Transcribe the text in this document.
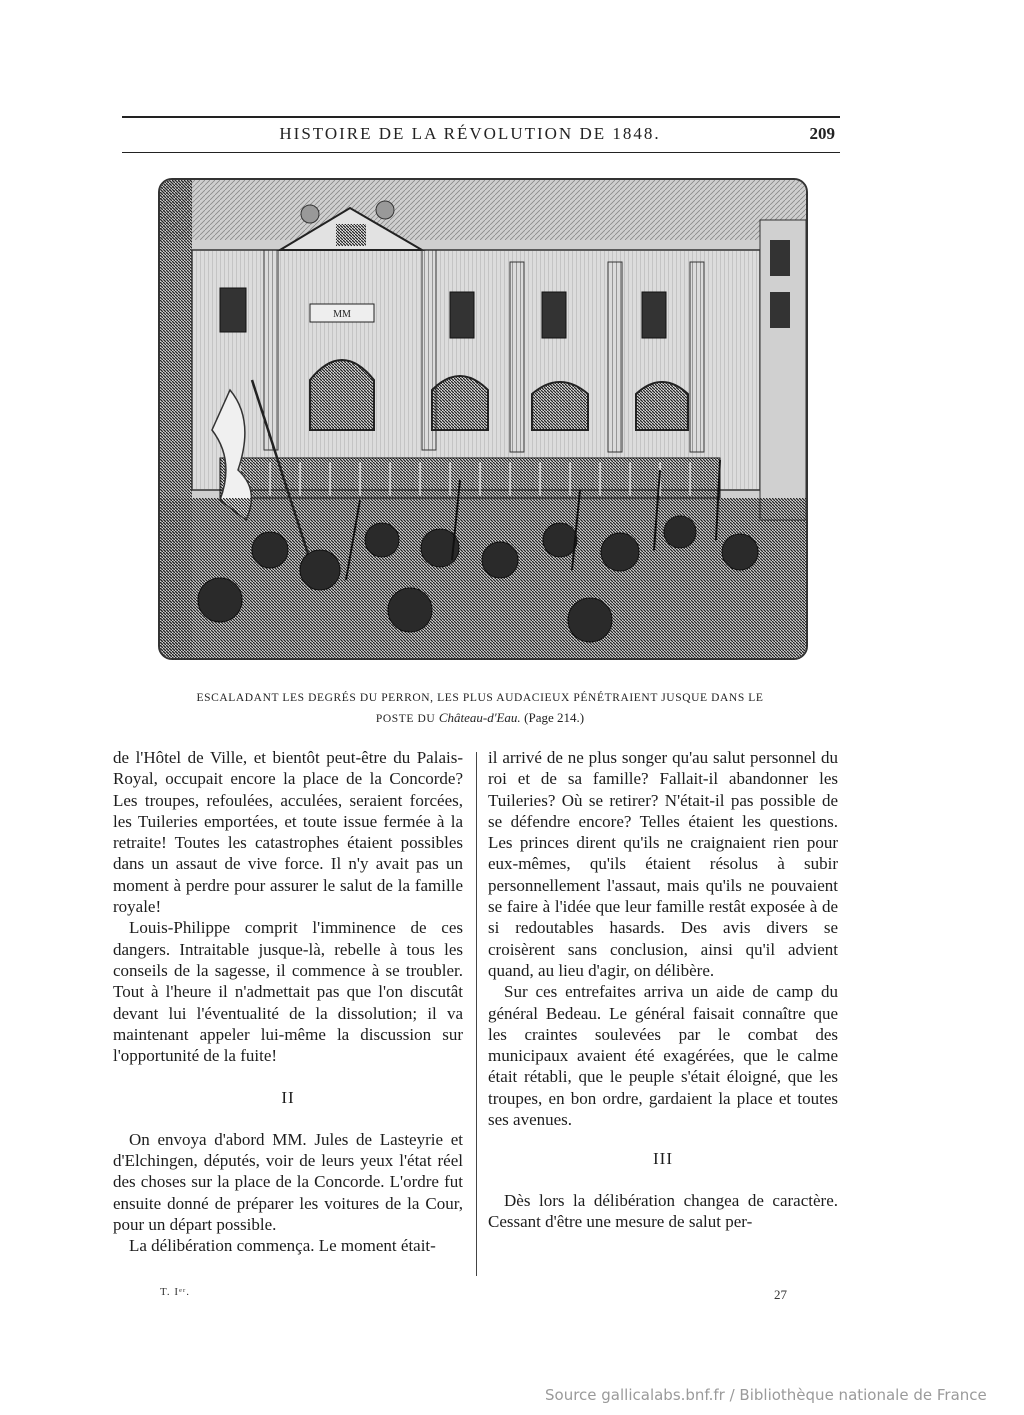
HISTOIRE DE LA RÉVOLUTION DE 1848.	209
MM
ESCALADANT LES DEGRÉS DU PERRON, LES PLUS AUDACIEUX PÉNÉTRAIENT JUSQUE DANS LE
POSTE DU Château-d'Eau. (Page 214.)

de l'Hôtel de Ville, et bientôt peut-être du Palais-Royal, occupait encore la place de la Concorde? Les troupes, refoulées, acculées, seraient forcées, les Tuileries emportées, et toute issue fermée à la retraite! Toutes les catastrophes étaient possibles dans un assaut de vive force. Il n'y avait pas un moment à perdre pour assurer le salut de la famille royale!

Louis-Philippe comprit l'imminence de ces dangers. Intraitable jusque-là, rebelle à tous les conseils de la sagesse, il commence à se troubler. Tout à l'heure il n'admettait pas que l'on discutât devant lui l'éventualité de la dissolution; il va maintenant appeler lui-même la discussion sur l'opportunité de la fuite!

II

On envoya d'abord MM. Jules de Lasteyrie et d'Elchingen, députés, voir de leurs yeux l'état réel des choses sur la place de la Concorde. L'ordre fut ensuite donné de préparer les voitures de la Cour, pour un départ possible.

La délibération commença. Le moment était-

il arrivé de ne plus songer qu'au salut personnel du roi et de sa famille? Fallait-il abandonner les Tuileries? Où se retirer? N'était-il pas possible de se défendre encore? Telles étaient les questions. Les princes dirent qu'ils ne craignaient rien pour eux-mêmes, qu'ils étaient résolus à subir personnellement l'assaut, mais qu'ils ne pouvaient se faire à l'idée que leur famille restât exposée à de si redoutables hasards. Des avis divers se croisèrent sans conclusion, ainsi qu'il advient quand, au lieu d'agir, on délibère.

Sur ces entrefaites arriva un aide de camp du général Bedeau. Le général faisait connaître que les craintes soulevées par le combat des municipaux avaient été exagérées, que le calme était rétabli, que le peuple s'était éloigné, que les troupes, en bon ordre, gardaient la place et toutes ses avenues.

III

Dès lors la délibération changea de caractère. Cessant d'être une mesure de salut per-

T. Iᵉʳ.	27
Source gallicalabs.bnf.fr / Bibliothèque nationale de France
